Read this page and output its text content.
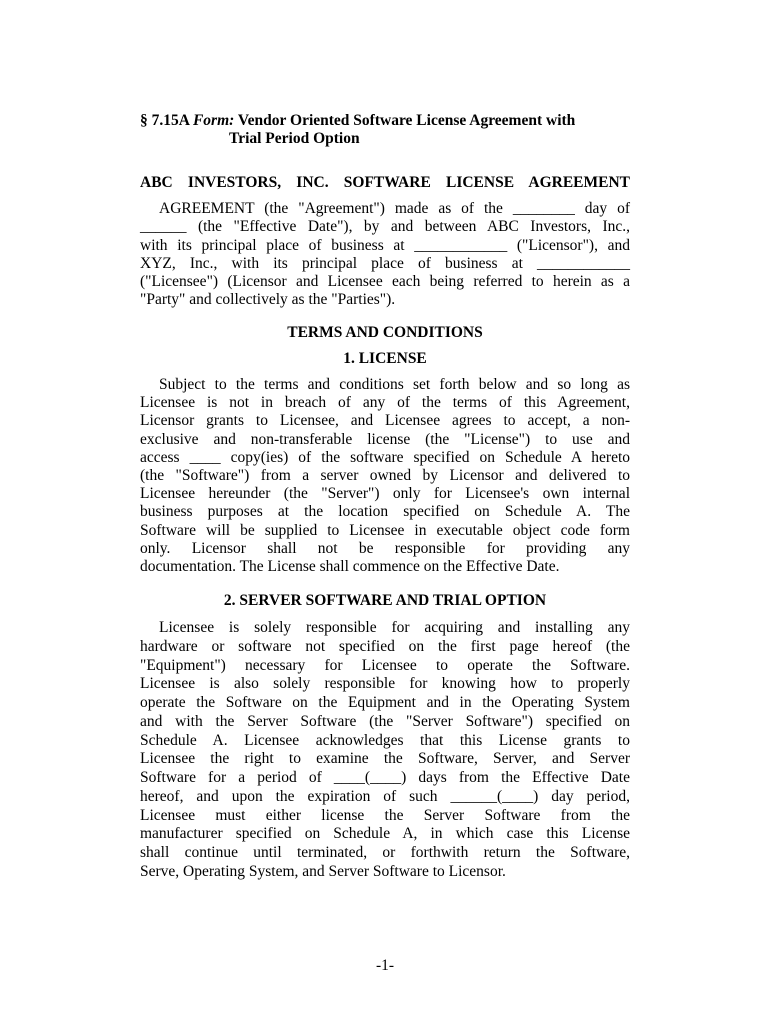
§ 7.15A Form: Vendor Oriented Software License Agreement with
Trial Period Option
ABC INVESTORS, INC. SOFTWARE LICENSE AGREEMENT
AGREEMENT (the "Agreement") made as of the ________ day of
______ (the "Effective Date"), by and between ABC Investors, Inc.,
with its principal place of business at ____________ ("Licensor"), and
XYZ, Inc., with its principal place of business at ____________
("Licensee") (Licensor and Licensee each being referred to herein as a
"Party" and collectively as the "Parties").
TERMS AND CONDITIONS
1. LICENSE
Subject to the terms and conditions set forth below and so long as
Licensee is not in breach of any of the terms of this Agreement,
Licensor grants to Licensee, and Licensee agrees to accept, a non-
exclusive and non-transferable license (the "License") to use and
access ____ copy(ies) of the software specified on Schedule A hereto
(the "Software") from a server owned by Licensor and delivered to
Licensee hereunder (the "Server") only for Licensee's own internal
business purposes at the location specified on Schedule A. The
Software will be supplied to Licensee in executable object code form
only. Licensor shall not be responsible for providing any
documentation. The License shall commence on the Effective Date.
2. SERVER SOFTWARE AND TRIAL OPTION
Licensee is solely responsible for acquiring and installing any
hardware or software not specified on the first page hereof (the
"Equipment") necessary for Licensee to operate the Software.
Licensee is also solely responsible for knowing how to properly
operate the Software on the Equipment and in the Operating System
and with the Server Software (the "Server Software") specified on
Schedule A. Licensee acknowledges that this License grants to
Licensee the right to examine the Software, Server, and Server
Software for a period of ____(____) days from the Effective Date
hereof, and upon the expiration of such ______(____) day period,
Licensee must either license the Server Software from the
manufacturer specified on Schedule A, in which case this License
shall continue until terminated, or forthwith return the Software,
Serve, Operating System, and Server Software to Licensor.
-1-
